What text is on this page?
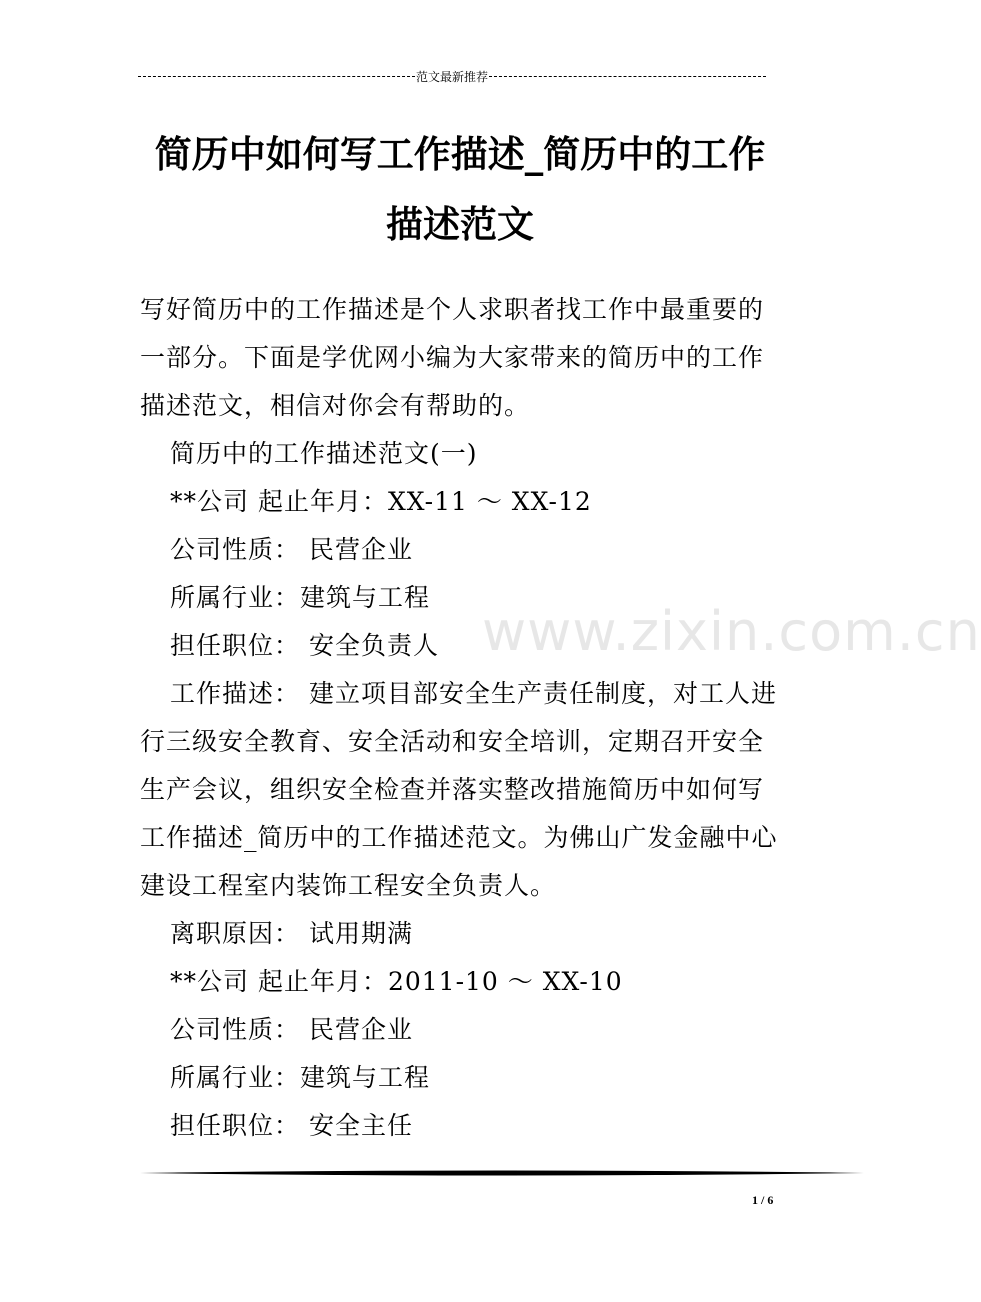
范文最新推荐
简历中如何写工作描述_简历中的工作
描述范文

写好简历中的工作描述是个人求职者找工作中最重要的一部分。下面是学优网小编为大家带来的简历中的工作描述范文，相信对你会有帮助的。

简历中的工作描述范文(一)

**公司 起止年月：XX-11 ～ XX-12

公司性质： 民营企业

所属行业：建筑与工程

担任职位： 安全负责人

工作描述： 建立项目部安全生产责任制度，对工人进行三级安全教育、安全活动和安全培训，定期召开安全生产会议，组织安全检查并落实整改措施简历中如何写工作描述_简历中的工作描述范文。为佛山广发金融中心建设工程室内装饰工程安全负责人。

离职原因： 试用期满

**公司 起止年月：2011-10 ～ XX-10

公司性质： 民营企业

所属行业：建筑与工程

担任职位： 安全主任

www.zixin.com.cn
1 / 6
